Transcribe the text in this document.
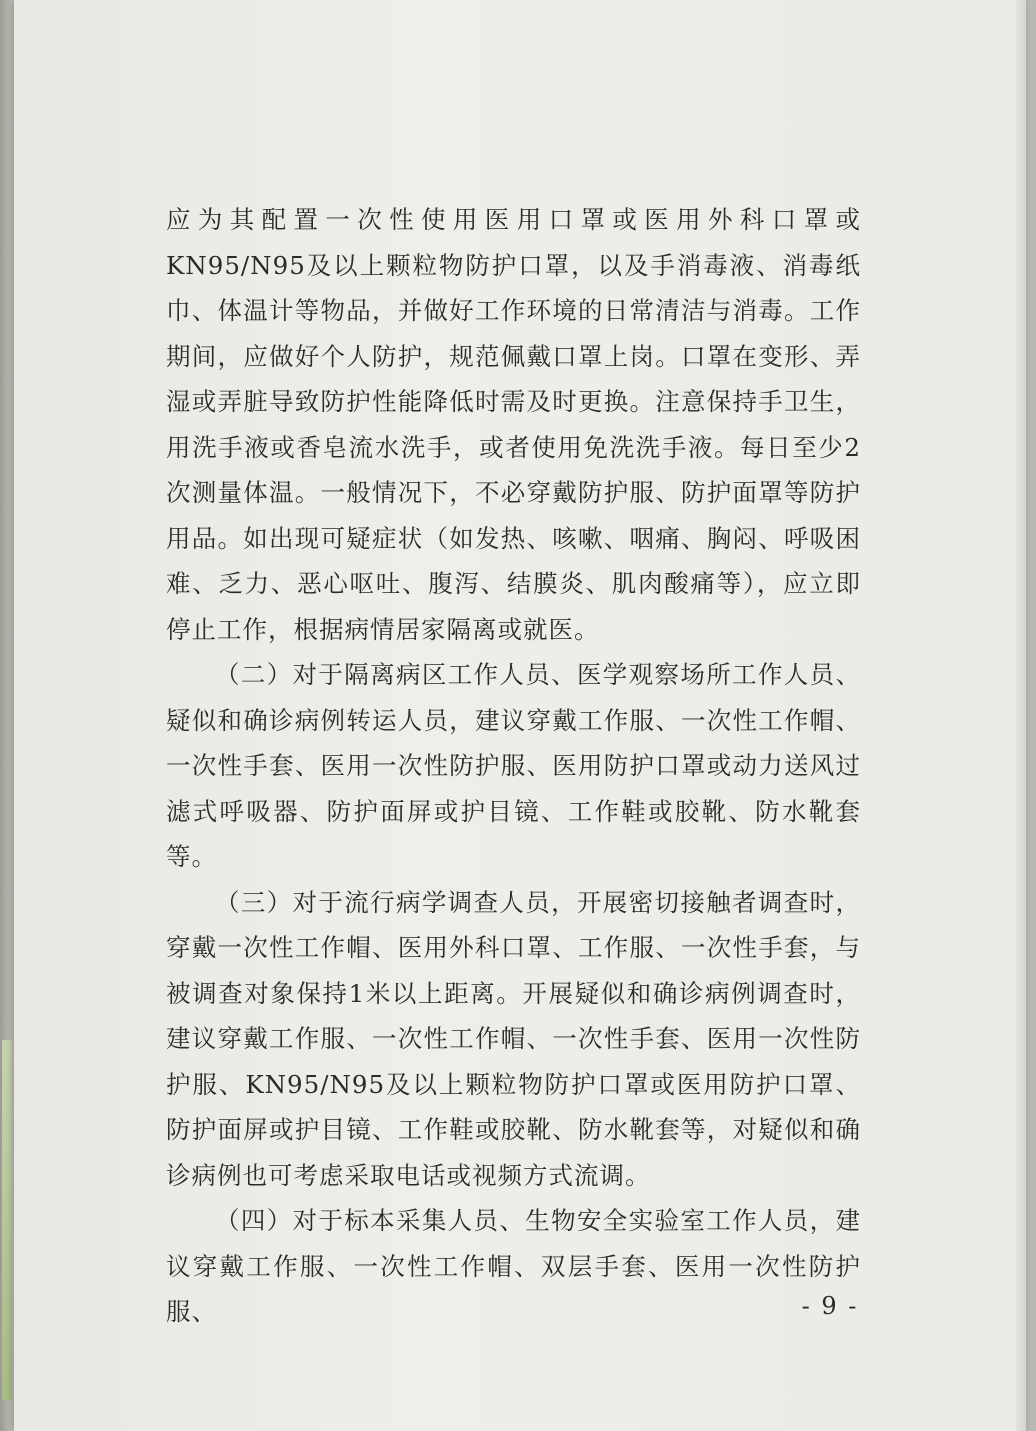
应为其配置一次性使用医用口罩或医用外科口罩或KN95/N95及以上颗粒物防护口罩，以及手消毒液、消毒纸巾、体温计等物品，并做好工作环境的日常清洁与消毒。工作期间，应做好个人防护，规范佩戴口罩上岗。口罩在变形、弄湿或弄脏导致防护性能降低时需及时更换。注意保持手卫生，用洗手液或香皂流水洗手，或者使用免洗洗手液。每日至少2次测量体温。一般情况下，不必穿戴防护服、防护面罩等防护用品。如出现可疑症状（如发热、咳嗽、咽痛、胸闷、呼吸困难、乏力、恶心呕吐、腹泻、结膜炎、肌肉酸痛等），应立即停止工作，根据病情居家隔离或就医。

（二）对于隔离病区工作人员、医学观察场所工作人员、疑似和确诊病例转运人员，建议穿戴工作服、一次性工作帽、一次性手套、医用一次性防护服、医用防护口罩或动力送风过滤式呼吸器、防护面屏或护目镜、工作鞋或胶靴、防水靴套等。

（三）对于流行病学调查人员，开展密切接触者调查时，穿戴一次性工作帽、医用外科口罩、工作服、一次性手套，与被调查对象保持1米以上距离。开展疑似和确诊病例调查时，建议穿戴工作服、一次性工作帽、一次性手套、医用一次性防护服、KN95/N95及以上颗粒物防护口罩或医用防护口罩、防护面屏或护目镜、工作鞋或胶靴、防水靴套等，对疑似和确诊病例也可考虑采取电话或视频方式流调。

（四）对于标本采集人员、生物安全实验室工作人员，建议穿戴工作服、一次性工作帽、双层手套、医用一次性防护服、	- 9 -
